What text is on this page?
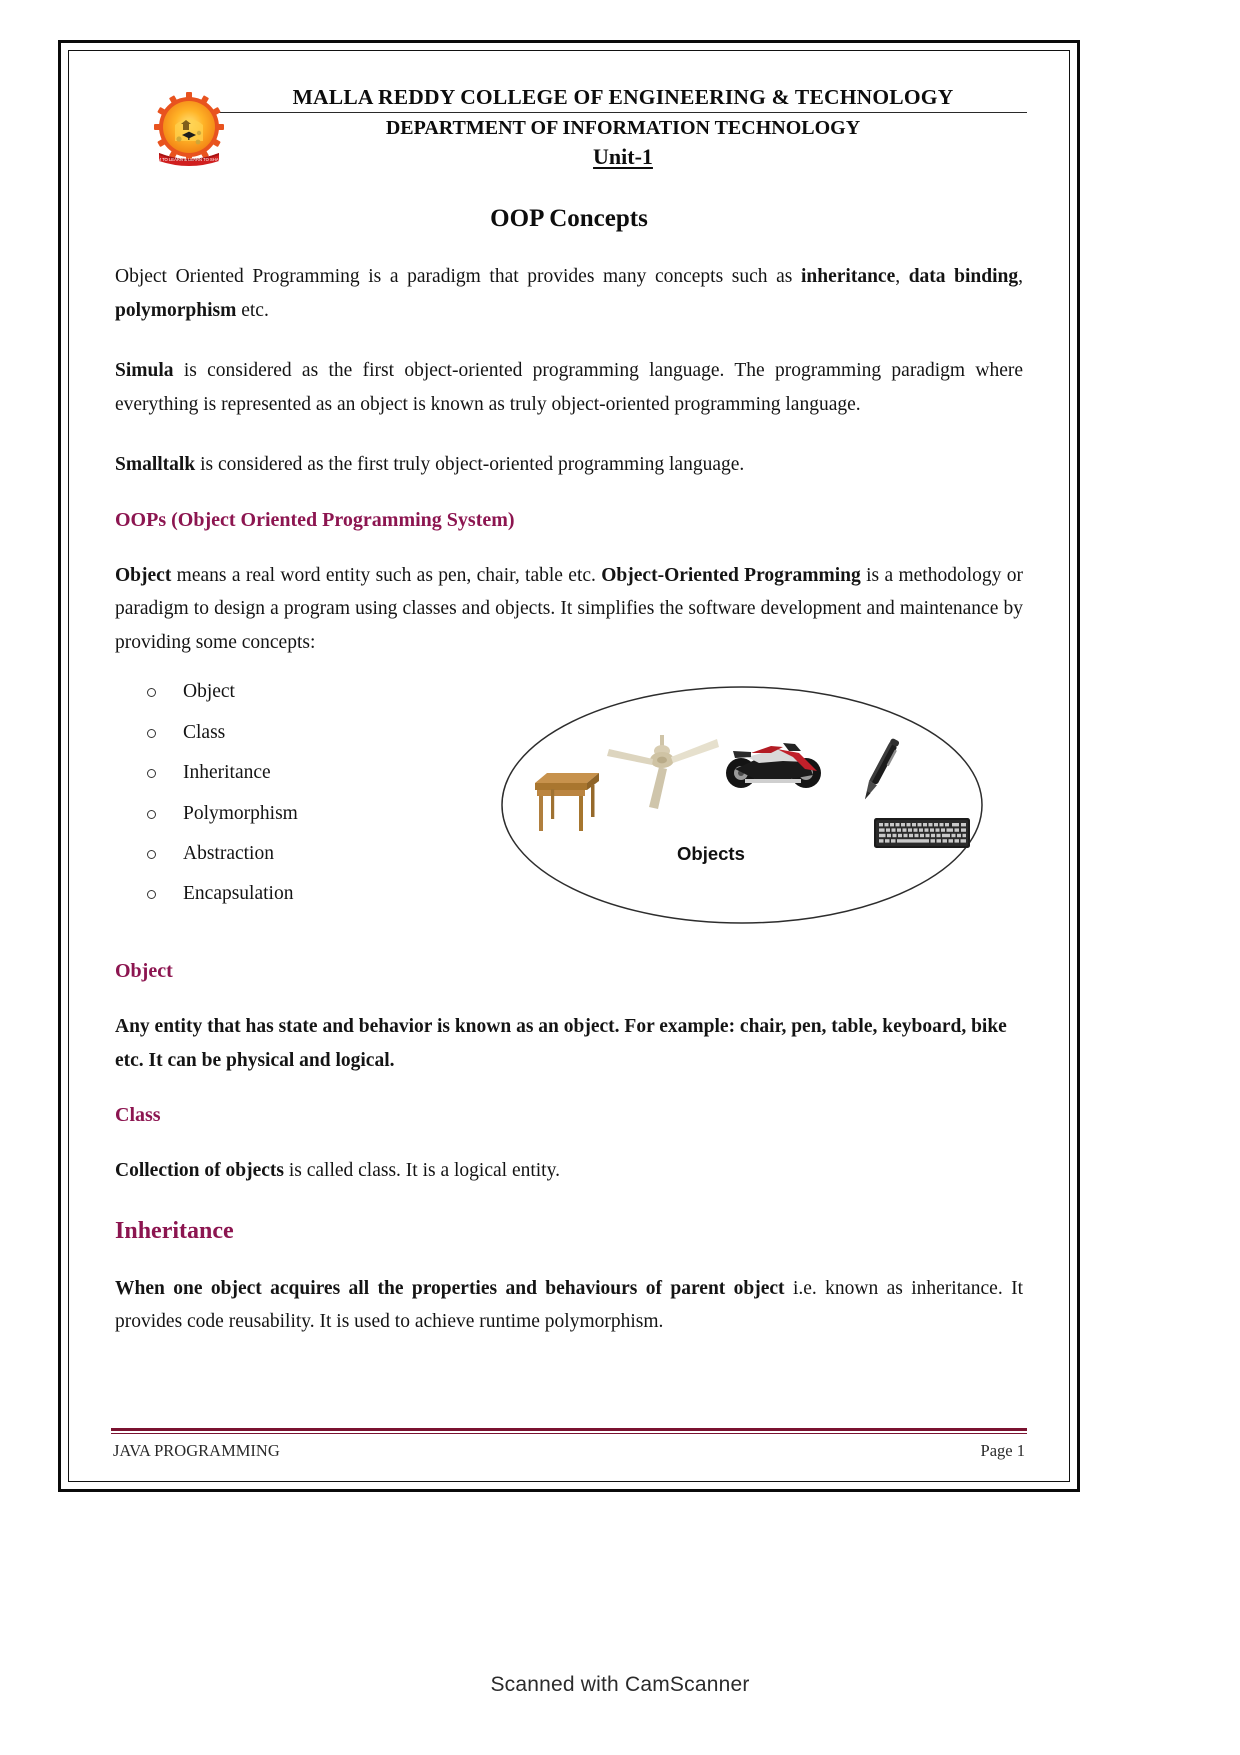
AIM TO LEARN & LEARN TO SHARE
MALLA REDDY COLLEGE OF ENGINEERING & TECHNOLOGY
DEPARTMENT OF INFORMATION TECHNOLOGY
Unit-1
OOP Concepts

Object Oriented Programming is a paradigm that provides many concepts such as inheritance, data binding, polymorphism etc.

Simula is considered as the first object-oriented programming language. The programming paradigm where everything is represented as an object is known as truly object-oriented programming language.

Smalltalk is considered as the first truly object-oriented programming language.

OOPs (Object Oriented Programming System)

Object means a real word entity such as pen, chair, table etc. Object-Oriented Programming is a methodology or paradigm to design a program using classes and objects. It simplifies the software development and maintenance by providing some concepts:

Object
Class
Inheritance
Polymorphism
Abstraction
Encapsulation
Objects
Object

Any entity that has state and behavior is known as an object. For example: chair, pen, table, keyboard, bike etc. It can be physical and logical.

Class

Collection of objects is called class. It is a logical entity.

Inheritance

When one object acquires all the properties and behaviours of parent object i.e. known as inheritance. It provides code reusability. It is used to achieve runtime polymorphism.

JAVA PROGRAMMING	Page 1
Scanned with CamScanner
